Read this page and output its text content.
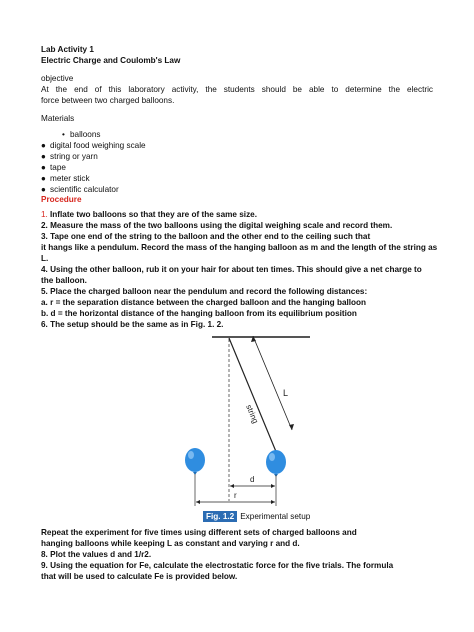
Lab Activity 1
Electric Charge and Coulomb's Law
objective
At the end of this laboratory activity, the students should be able to determine the electric
force between two charged balloons.
Materials
• balloons
● digital food weighing scale
● string or yarn
● tape
● meter stick
● scientific calculator
Procedure
1. Inflate two balloons so that they are of the same size.
2. Measure the mass of the two balloons using the digital weighing scale and record them.
3. Tape one end of the string to the balloon and the other end to the ceiling such that
it hangs like a pendulum. Record the mass of the hanging balloon as m and the length of the string as
L.
4. Using the other balloon, rub it on your hair for about ten times. This should give a net charge to
the balloon.
5. Place the charged balloon near the pendulum and record the following distances:
a. r = the separation distance between the charged balloon and the hanging balloon
b. d = the horizontal distance of the hanging balloon from its equilibrium position
6. The setup should be the same as in Fig. 1. 2.
L
string
d
r
Fig. 1.2 Experimental setup
Repeat the experiment for five times using different sets of charged balloons and
hanging balloons while keeping L as constant and varying r and d.
8. Plot the values d and 1/r2.
9. Using the equation for Fe, calculate the electrostatic force for the five trials. The formula
that will be used to calculate Fe is provided below.
